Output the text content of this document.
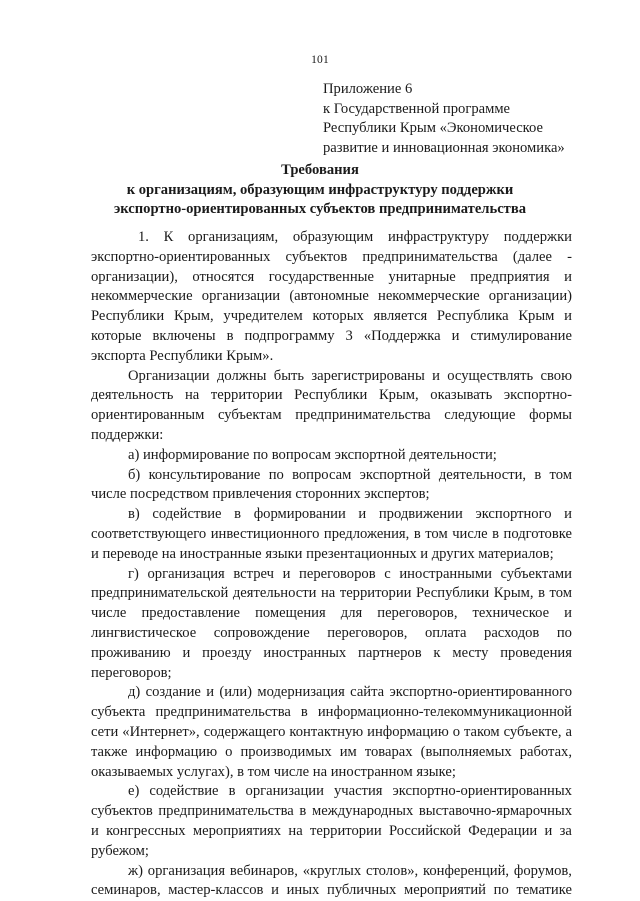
101
Приложение 6
к Государственной программе
Республики Крым «Экономическое
развитие и инновационная экономика»
Требования
к организациям, образующим инфраструктуру поддержки
экспортно-ориентированных субъектов предпринимательства
1. К организациям, образующим инфраструктуру поддержки
экспортно-ориентированных субъектов предпринимательства (далее -
организации), относятся государственные унитарные предприятия и
некоммерческие организации (автономные некоммерческие организации)
Республики Крым, учредителем которых является Республика Крым и
которые включены в подпрограмму 3 «Поддержка и стимулирование
экспорта Республики Крым».
Организации должны быть зарегистрированы и осуществлять свою
деятельность на территории Республики Крым, оказывать экспортно-
ориентированным субъектам предпринимательства следующие формы
поддержки:
а) информирование по вопросам экспортной деятельности;
б) консультирование по вопросам экспортной деятельности, в том
числе посредством привлечения сторонних экспертов;
в) содействие в формировании и продвижении экспортного и
соответствующего инвестиционного предложения, в том числе в подготовке
и переводе на иностранные языки презентационных и других материалов;
г) организация встреч и переговоров с иностранными субъектами
предпринимательской деятельности на территории Республики Крым, в том
числе предоставление помещения для переговоров, техническое и
лингвистическое сопровождение переговоров, оплата расходов по
проживанию и проезду иностранных партнеров к месту проведения
переговоров;
д) создание и (или) модернизация сайта экспортно-ориентированного
субъекта предпринимательства в информационно-телекоммуникационной
сети «Интернет», содержащего контактную информацию о таком субъекте, а
также информацию о производимых им товарах (выполняемых работах,
оказываемых услугах), в том числе на иностранном языке;
е) содействие в организации участия экспортно-ориентированных
субъектов предпринимательства в международных выставочно-ярмарочных
и конгрессных мероприятиях на территории Российской Федерации и за
рубежом;
ж) организация вебинаров, «круглых столов», конференций, форумов,
семинаров, мастер-классов и иных публичных мероприятий по тематике
